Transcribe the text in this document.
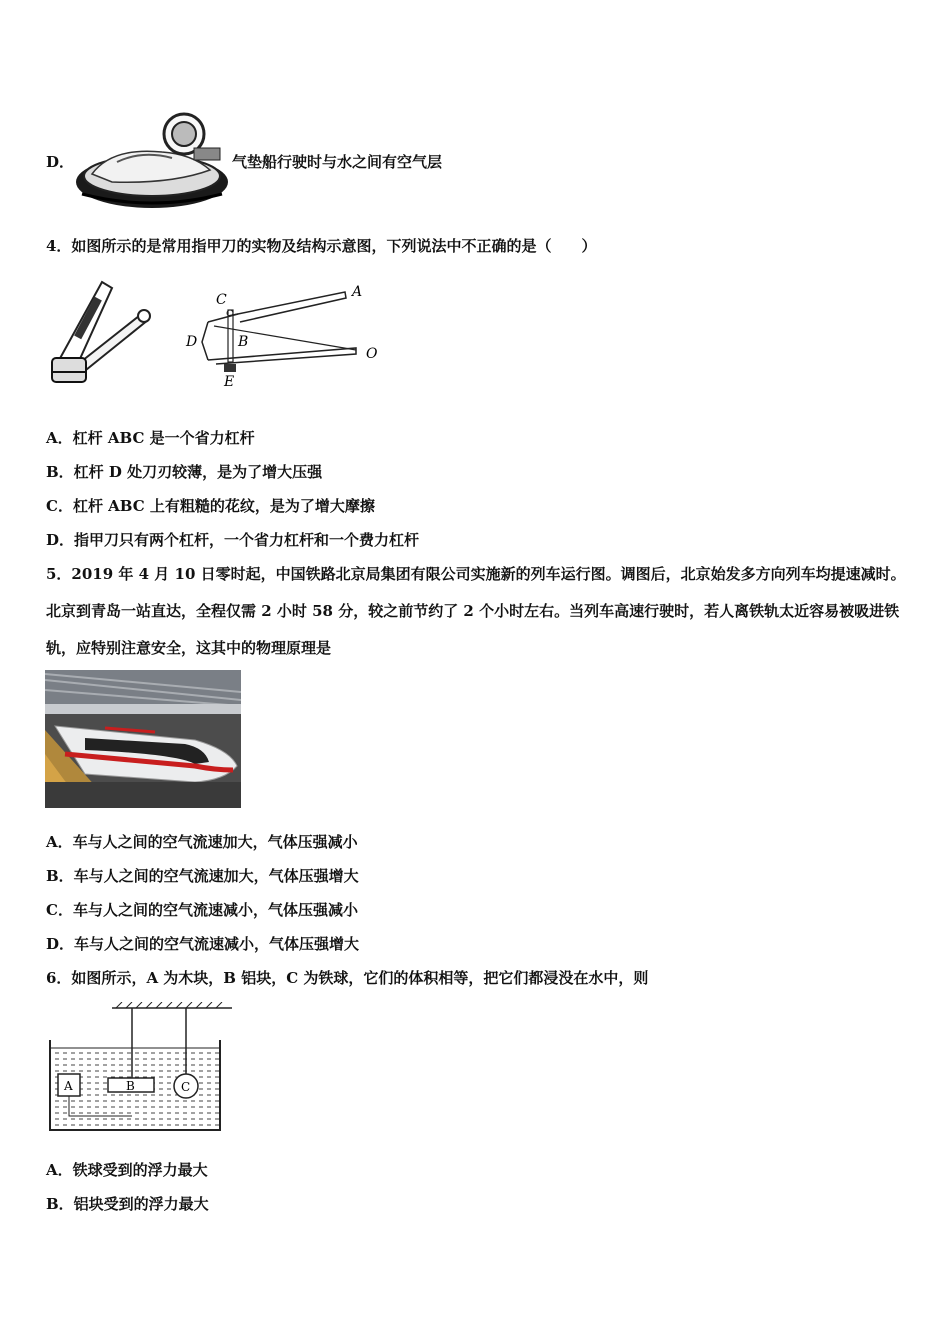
D．	气垫船行驶时与水之间有空气层
4．如图所示的是常用指甲刀的实物及结构示意图，下列说法中不正确的是（　　）
C	A
D	B
O
E
A．杠杆 ABC 是一个省力杠杆
B．杠杆 D 处刀刃较薄，是为了增大压强
C．杠杆 ABC 上有粗糙的花纹，是为了增大摩擦
D．指甲刀只有两个杠杆，一个省力杠杆和一个费力杠杆
5．2019 年 4 月 10 日零时起，中国铁路北京局集团有限公司实施新的列车运行图。调图后，北京始发多方向列车均提速减时。北京到青岛一站直达，全程仅需 2 小时 58 分，较之前节约了 2 个小时左右。当列车高速行驶时，若人离铁轨太近容易被吸进铁轨，应特别注意安全，这其中的物理原理是
A．车与人之间的空气流速加大，气体压强减小
B．车与人之间的空气流速加大，气体压强增大
C．车与人之间的空气流速减小，气体压强减小
D．车与人之间的空气流速减小，气体压强增大
6．如图所示，A 为木块，B 铝块，C 为铁球，它们的体积相等，把它们都浸没在水中，则
A	B	C
A．铁球受到的浮力最大
B．铝块受到的浮力最大
